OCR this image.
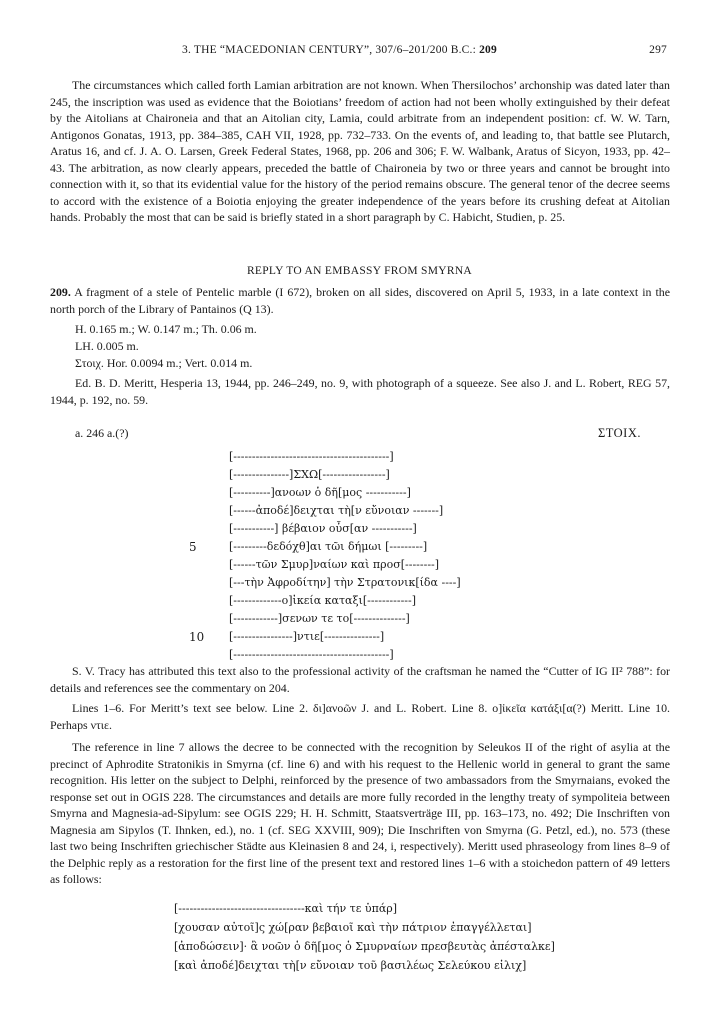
3. THE “MACEDONIAN CENTURY”, 307/6–201/200 B.C.: 209	297

The circumstances which called forth Lamian arbitration are not known. When Thersilochos’ archonship was dated later than 245, the inscription was used as evidence that the Boiotians’ freedom of action had not been wholly extinguished by their defeat by the Aitolians at Chaironeia and that an Aitolian city, Lamia, could arbitrate from an independent position: cf. W. W. Tarn, Antigonos Gonatas, 1913, pp. 384–385, CAH VII, 1928, pp. 732–733. On the events of, and leading to, that battle see Plutarch, Aratus 16, and cf. J. A. O. Larsen, Greek Federal States, 1968, pp. 206 and 306; F. W. Walbank, Aratus of Sicyon, 1933, pp. 42–43. The arbitration, as now clearly appears, preceded the battle of Chaironeia by two or three years and cannot be brought into connection with it, so that its evidential value for the history of the period remains obscure. The general tenor of the decree seems to accord with the existence of a Boiotia enjoying the greater independence of the years before its crushing defeat at Aitolian hands. Probably the most that can be said is briefly stated in a short paragraph by C. Habicht, Studien, p. 25.

REPLY TO AN EMBASSY FROM SMYRNA

209. A fragment of a stele of Pentelic marble (I 672), broken on all sides, discovered on April 5, 1933, in a late context in the north porch of the Library of Pantainos (Q 13).

H. 0.165 m.; W. 0.147 m.; Th. 0.06 m.
LH. 0.005 m.
Στοιχ. Hor. 0.0094 m.; Vert. 0.014 m.

Ed. B. D. Meritt, Hesperia 13, 1944, pp. 246–249, no. 9, with photograph of a squeeze. See also J. and L. Robert, REG 57, 1944, p. 192, no. 59.

a. 246 a.(?)	ΣΤΟΙΧ.
[------------------------------------------]
[---------------]ΣΧΩ[-----------------]
[----------]ανοων ὁ δῆ[μος -----------]
[------ἀποδέ]δειχται τὴ[ν εὔνοιαν -------]
[-----------] βέβαιον οὖσ[αν -----------]
5	[---------δεδόχθ]αι τῶι δήμωι [---------]
[------τῶν Σμυρ]ναίων καὶ προσ[--------]
[---τὴν Ἀφροδίτην] τὴν Στρατονικ[ίδα ----]
[-------------ο]ἰκεία καταξι[------------]
[------------]σενων τε το[--------------]
10 [----------------]ντιε[---------------]
[------------------------------------------]

S. V. Tracy has attributed this text also to the professional activity of the craftsman he named the “Cutter of IG II² 788”: for details and references see the commentary on 204.

Lines 1–6. For Meritt’s text see below. Line 2. δι]ανοῶν J. and L. Robert. Line 8. ο]ἰκεῖα κατάξι[α(?) Meritt. Line 10. Perhaps ντιε.

The reference in line 7 allows the decree to be connected with the recognition by Seleukos II of the right of asylia at the precinct of Aphrodite Stratonikis in Smyrna (cf. line 6) and with his request to the Hellenic world in general to grant the same recognition. His letter on the subject to Delphi, reinforced by the presence of two ambassadors from the Smyrnaians, evoked the response set out in OGIS 228. The circumstances and details are more fully recorded in the lengthy treaty of sympoliteia between Smyrna and Magnesia-ad-Sipylum: see OGIS 229; H. H. Schmitt, Staatsverträge III, pp. 163–173, no. 492; Die Inschriften von Magnesia am Sipylos (T. Ihnken, ed.), no. 1 (cf. SEG XXVIII, 909); Die Inschriften von Smyrna (G. Petzl, ed.), no. 573 (these last two being Inschriften griechischer Städte aus Kleinasien 8 and 24, i, respectively). Meritt used phraseology from lines 8–9 of the Delphic reply as a restoration for the first line of the present text and restored lines 1–6 with a stoichedon pattern of 49 letters as follows:

[----------------------------------καὶ τήν τε ὑπάρ]
[χουσαν αὐτοῖ]ς χώ[ραν βεβαιοῖ καὶ τὴν πάτριον ἐπαγγέλλεται]
[ἀποδώσειν]· ἃ νοῶν ὁ δῆ[μος ὁ Σμυρναίων πρεσβευτὰς ἀπέσταλκε]
[καὶ ἀποδέ]δειχται τὴ[ν εὔνοιαν τοῦ βασιλέως Σελεύκου εἰλιχ]
